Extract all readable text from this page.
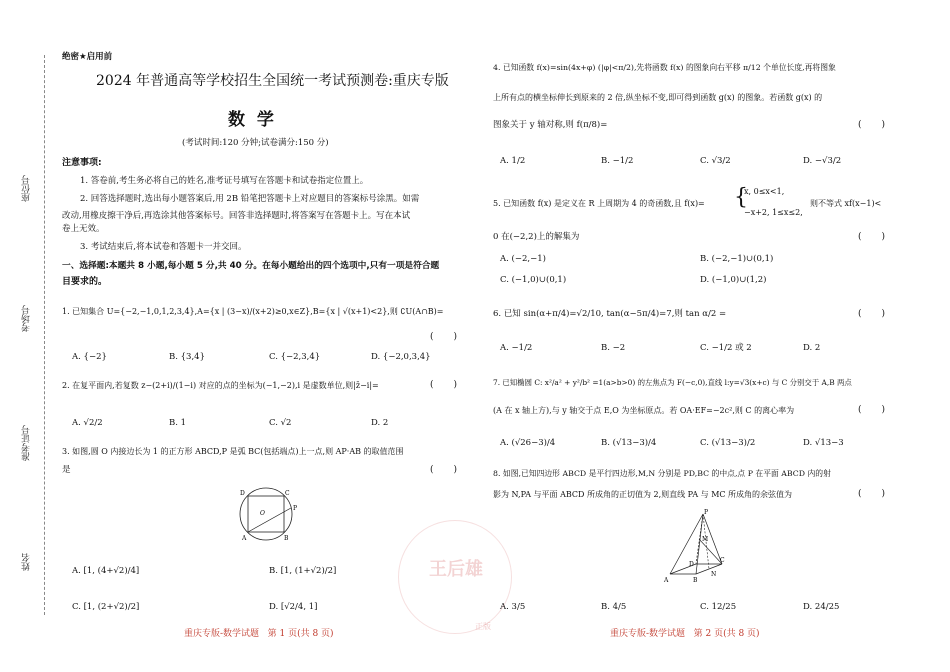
座位号
考场号
准考证号
姓名
绝密★启用前
2024 年普通高等学校招生全国统一考试预测卷:重庆专版
数  学
(考试时间:120 分钟;试卷满分:150 分)
注意事项:
1. 答卷前,考生务必将自己的姓名,准考证号填写在答题卡和试卷指定位置上。
2. 回答选择题时,选出每小题答案后,用 2B 铅笔把答题卡上对应题目的答案标号涂黑。如需
改动,用橡皮擦干净后,再选涂其他答案标号。回答非选择题时,将答案写在答题卡上。写在本试
卷上无效。
3. 考试结束后,将本试卷和答题卡一并交回。
一、选择题:本题共 8 小题,每小题 5 分,共 40 分。在每小题给出的四个选项中,只有一项是符合题
目要求的。
1. 已知集合 U={−2,−1,0,1,2,3,4},A={x | (3−x)/(x+2)≥0,x∈Z},B={x | √(x+1)<2},则 ∁U(A∩B)=
(       )
A. {−2}	B. {3,4}	C. {−2,3,4}	D. {−2,0,3,4}
2. 在复平面内,若复数 z−(2+i)/(1−i) 对应的点的坐标为(−1,−2),i 是虚数单位,则|z̄−i|=	(       )
A. √2/2	B. 1	C. √2	D. 2
3. 如图,圆 O 内接边长为 1 的正方形 ABCD,P 是弧 BC(包括端点)上一点,则 AP·AB 的取值范围
(       )
是
D	C
O
P
A	B
A. [1, (4+√2)/4]	B. [1, (1+√2)/2]
C. [1, (2+√2)/2]	D. [√2/4, 1]
4. 已知函数 f(x)=sin(4x+φ) (|φ|<π/2),先将函数 f(x) 的图象向右平移 π/12 个单位长度,再将图象
上所有点的横坐标伸长到原来的 2 倍,纵坐标不变,即可得到函数 g(x) 的图象。若函数 g(x) 的
图象关于 y 轴对称,则 f(π/8)=	(       )
A. 1/2	B. −1/2	C. √3/2	D. −√3/2
5. 已知函数 f(x) 是定义在 R 上周期为 4 的奇函数,且 f(x)= {
x, 0≤x<1,
−x+2, 1≤x≤2,
则不等式 xf(x−1)<
0 在(−2,2)上的解集为	(       )
A. (−2,−1)	B. (−2,−1)∪(0,1)
C. (−1,0)∪(0,1)	D. (−1,0)∪(1,2)
6. 已知 sin(α+π/4)=√2/10, tan(α−5π/4)=7,则 tan α/2 =	(       )
A. −1/2	B. −2	C. −1/2 或 2	D. 2
7. 已知椭圆 C: x²/a² + y²/b² =1(a>b>0) 的左焦点为 F(−c,0),直线 l:y=√3(x+c) 与 C 分别交于 A,B 两点
(A 在 x 轴上方),与 y 轴交于点 E,O 为坐标原点。若 OA·EF=−2c²,则 C 的离心率为	(       )
A. (√26−3)/4	B. (√13−3)/4	C. (√13−3)/2	D. √13−3
8. 如图,已知四边形 ABCD 是平行四边形,M,N 分别是 PD,BC 的中点,点 P 在平面 ABCD 内的射
影为 N,PA 与平面 ABCD 所成角的正切值为 2,则直线 PA 与 MC 所成角的余弦值为	(       )
P
M
D
C
A	B
N
A. 3/5	B. 4/5	C. 12/25	D. 24/25
王后雄
正版
重庆专版-数学试题   第 1 页(共 8 页)	重庆专版-数学试题   第 2 页(共 8 页)
